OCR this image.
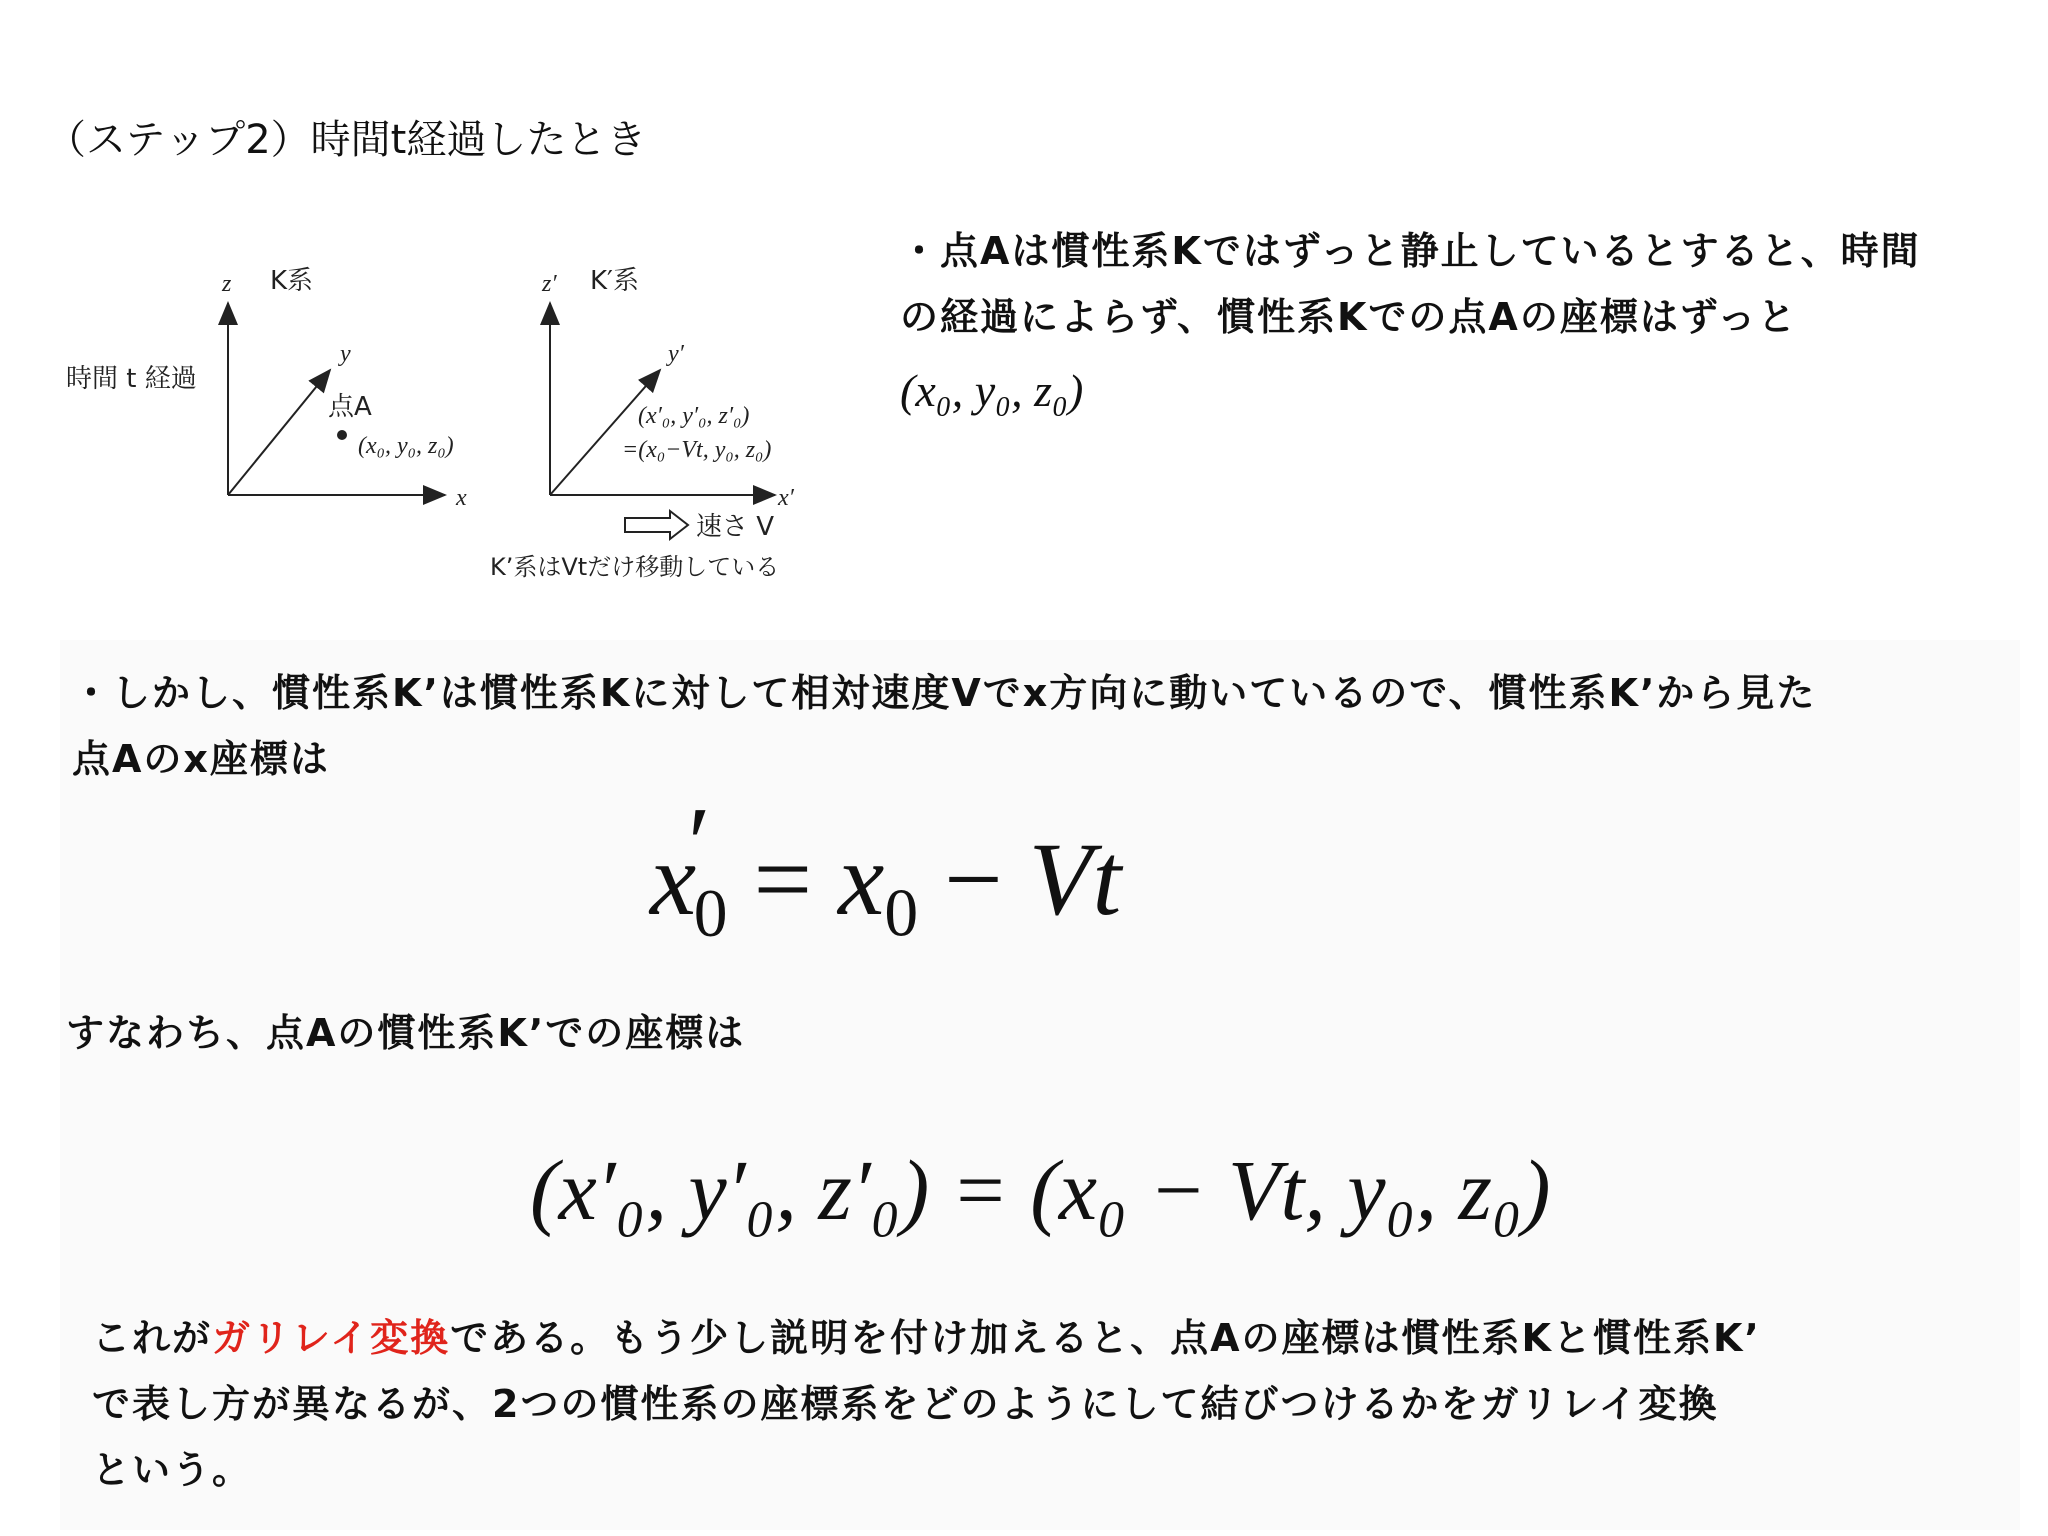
（ステップ2）時間t経過したとき
時間 t 経過
z K系
y
x
点A
(x₀, y₀, z₀)
z′ K′系
y′
x′
(x′₀, y′₀, z′₀)
=(x₀−Vt, y₀, z₀)
速さ V
K’系はVtだけ移動している

・点Aは慣性系Kではずっと静止しているとすると、時間

の経過によらず、慣性系Kでの点Aの座標はずっと

(x₀, y₀, z₀)

・しかし、慣性系K’は慣性系Kに対して相対速度Vでx方向に動いているので、慣性系K’から見た

点Aのx座標は

$x'_0 = x_0 - Vt$

すなわち、点Aの慣性系K’での座標は

(x′₀, y′₀, z′₀) = (x₀ − Vt, y₀, z₀)

これがガリレイ変換である。もう少し説明を付け加えると、点Aの座標は慣性系Kと慣性系K’

で表し方が異なるが、2つの慣性系の座標系をどのようにして結びつけるかをガリレイ変換

という。
